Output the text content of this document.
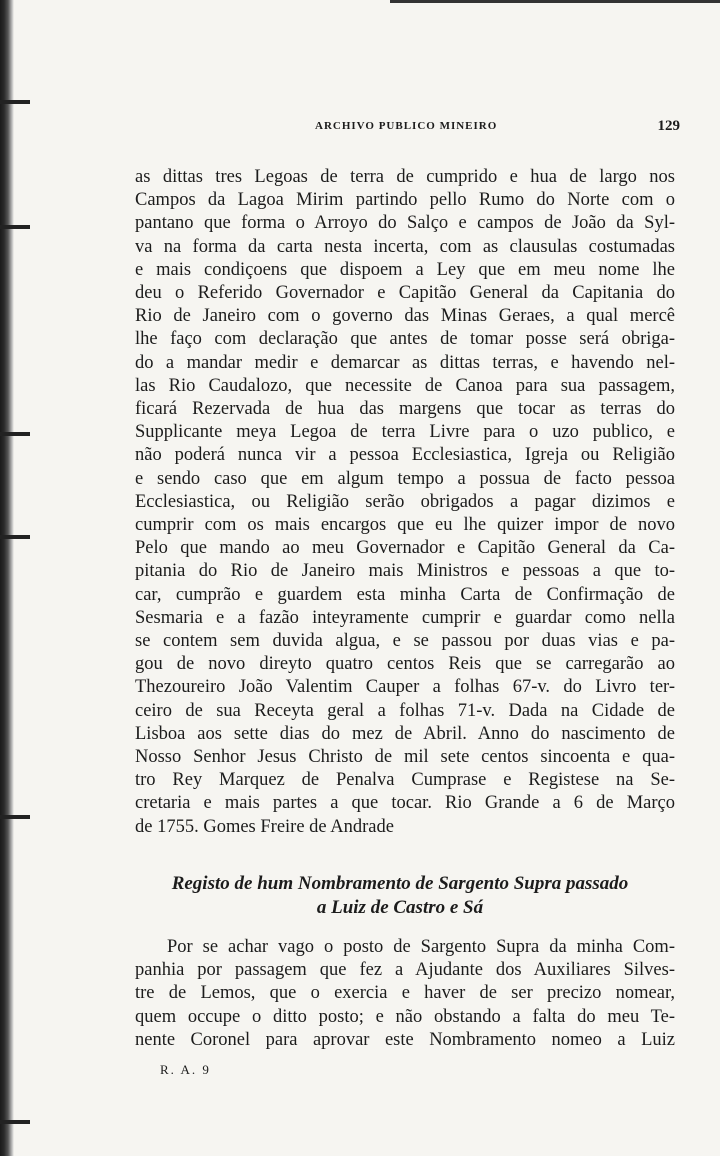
ARCHIVO PUBLICO MINEIRO	129
as dittas tres Legoas de terra de cumprido e hua de largo nos
Campos da Lagoa Mirim partindo pello Rumo do Norte com o
pantano que forma o Arroyo do Salço e campos de João da Syl-
va na forma da carta nesta incerta, com as clausulas costumadas
e mais condiçoens que dispoem a Ley que em meu nome lhe
deu o Referido Governador e Capitão General da Capitania do
Rio de Janeiro com o governo das Minas Geraes, a qual mercê
lhe faço com declaração que antes de tomar posse será obriga-
do a mandar medir e demarcar as dittas terras, e havendo nel-
las Rio Caudalozo, que necessite de Canoa para sua passagem,
ficará Rezervada de hua das margens que tocar as terras do
Supplicante meya Legoa de terra Livre para o uzo publico, e
não poderá nunca vir a pessoa Ecclesiastica, Igreja ou Religião
e sendo caso que em algum tempo a possua de facto pessoa
Ecclesiastica, ou Religião serão obrigados a pagar dizimos e
cumprir com os mais encargos que eu lhe quizer impor de novo
Pelo que mando ao meu Governador e Capitão General da Ca-
pitania do Rio de Janeiro mais Ministros e pessoas a que to-
car, cumprão e guardem esta minha Carta de Confirmação de
Sesmaria e a fazão inteyramente cumprir e guardar como nella
se contem sem duvida algua, e se passou por duas vias e pa-
gou de novo direyto quatro centos Reis que se carregarão ao
Thezoureiro João Valentim Cauper a folhas 67-v. do Livro ter-
ceiro de sua Receyta geral a folhas 71-v. Dada na Cidade de
Lisboa aos sette dias do mez de Abril. Anno do nascimento de
Nosso Senhor Jesus Christo de mil sete centos sincoenta e qua-
tro Rey Marquez de Penalva Cumprase e Registese na Se-
cretaria e mais partes a que tocar. Rio Grande a 6 de Março
de 1755. Gomes Freire de Andrade
Registo de hum Nombramento de Sargento Supra passado
a Luiz de Castro e Sá
Por se achar vago o posto de Sargento Supra da minha Com-
panhia por passagem que fez a Ajudante dos Auxiliares Silves-
tre de Lemos, que o exercia e haver de ser precizo nomear,
quem occupe o ditto posto; e não obstando a falta do meu Te-
nente Coronel para aprovar este Nombramento nomeo a Luiz
R. A. 9
